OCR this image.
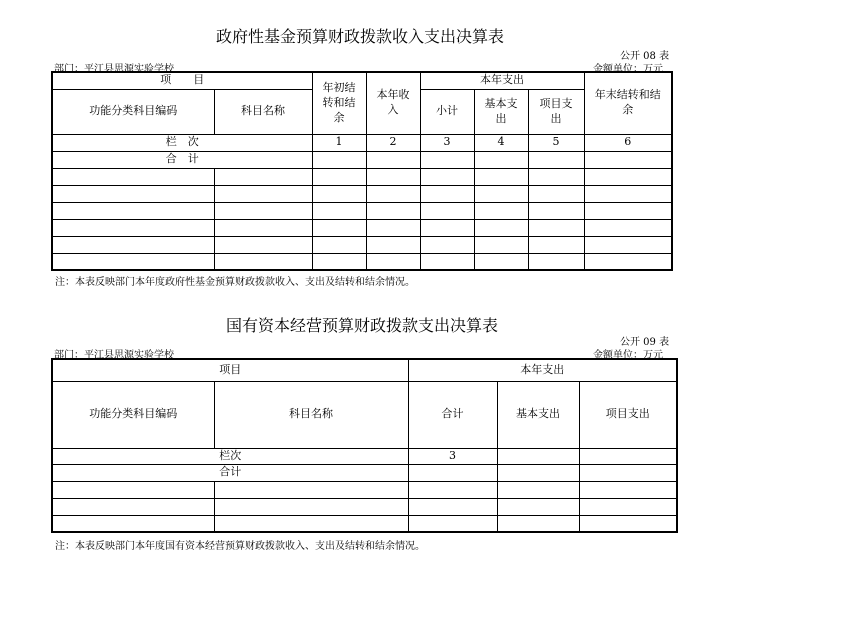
政府性基金预算财政拨款收入支出决算表
公开 08 表
部门：平江县思源实验学校	金额单位：万元
项　　目		年初结转和结余	本年收入	本年支出			年末结转和结余
功能分类科目编码	科目名称			小计	基本支出	项目支出	
栏　次		1	2	3	4	5	6
合　计							

注：本表反映部门本年度政府性基金预算财政拨款收入、支出及结转和结余情况。
国有资本经营预算财政拨款支出决算表
公开 09 表
部门：平江县思源实验学校	金额单位：万元
项目		本年支出		
功能分类科目编码	科目名称	合计	基本支出	项目支出
栏次		3		
合计				

注：本表反映部门本年度国有资本经营预算财政拨款收入、支出及结转和结余情况。
